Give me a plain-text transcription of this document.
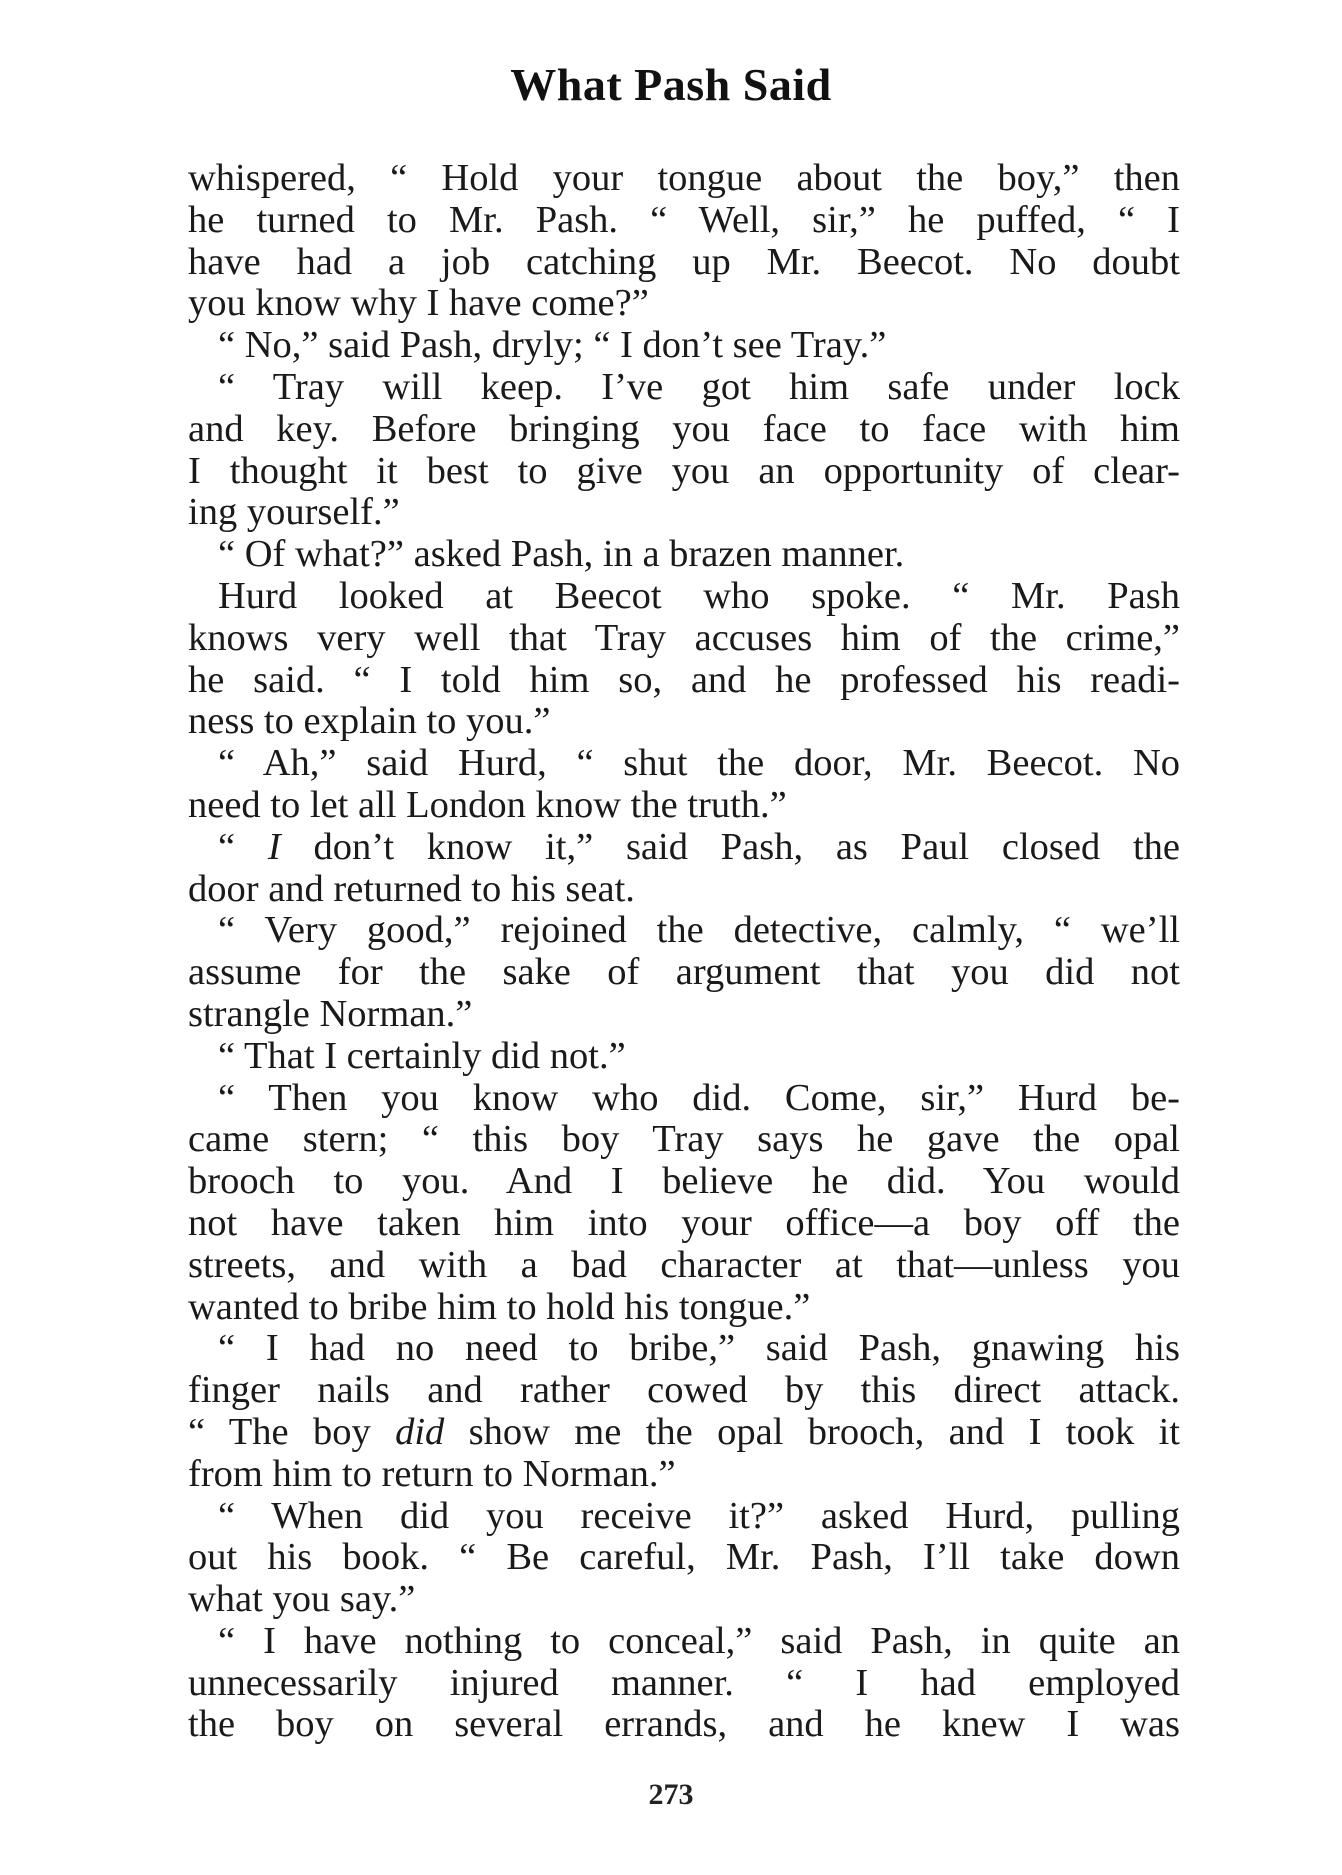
What Pash Said
whispered, “ Hold your tongue about the boy,” then
he turned to Mr. Pash. “ Well, sir,” he puffed, “ I
have had a job catching up Mr. Beecot. No doubt
you know why I have come?”
“ No,” said Pash, dryly; “ I don’t see Tray.”
“ Tray will keep. I’ve got him safe under lock
and key. Before bringing you face to face with him
I thought it best to give you an opportunity of clear-
ing yourself.”
“ Of what?” asked Pash, in a brazen manner.
Hurd looked at Beecot who spoke. “ Mr. Pash
knows very well that Tray accuses him of the crime,”
he said. “ I told him so, and he professed his readi-
ness to explain to you.”
“ Ah,” said Hurd, “ shut the door, Mr. Beecot. No
need to let all London know the truth.”
“ I don’t know it,” said Pash, as Paul closed the
door and returned to his seat.
“ Very good,” rejoined the detective, calmly, “ we’ll
assume for the sake of argument that you did not
strangle Norman.”
“ That I certainly did not.”
“ Then you know who did. Come, sir,” Hurd be-
came stern; “ this boy Tray says he gave the opal
brooch to you. And I believe he did. You would
not have taken him into your office—a boy off the
streets, and with a bad character at that—unless you
wanted to bribe him to hold his tongue.”
“ I had no need to bribe,” said Pash, gnawing his
finger nails and rather cowed by this direct attack.
“ The boy did show me the opal brooch, and I took it
from him to return to Norman.”
“ When did you receive it?” asked Hurd, pulling
out his book. “ Be careful, Mr. Pash, I’ll take down
what you say.”
“ I have nothing to conceal,” said Pash, in quite an
unnecessarily injured manner. “ I had employed
the boy on several errands, and he knew I was
273
